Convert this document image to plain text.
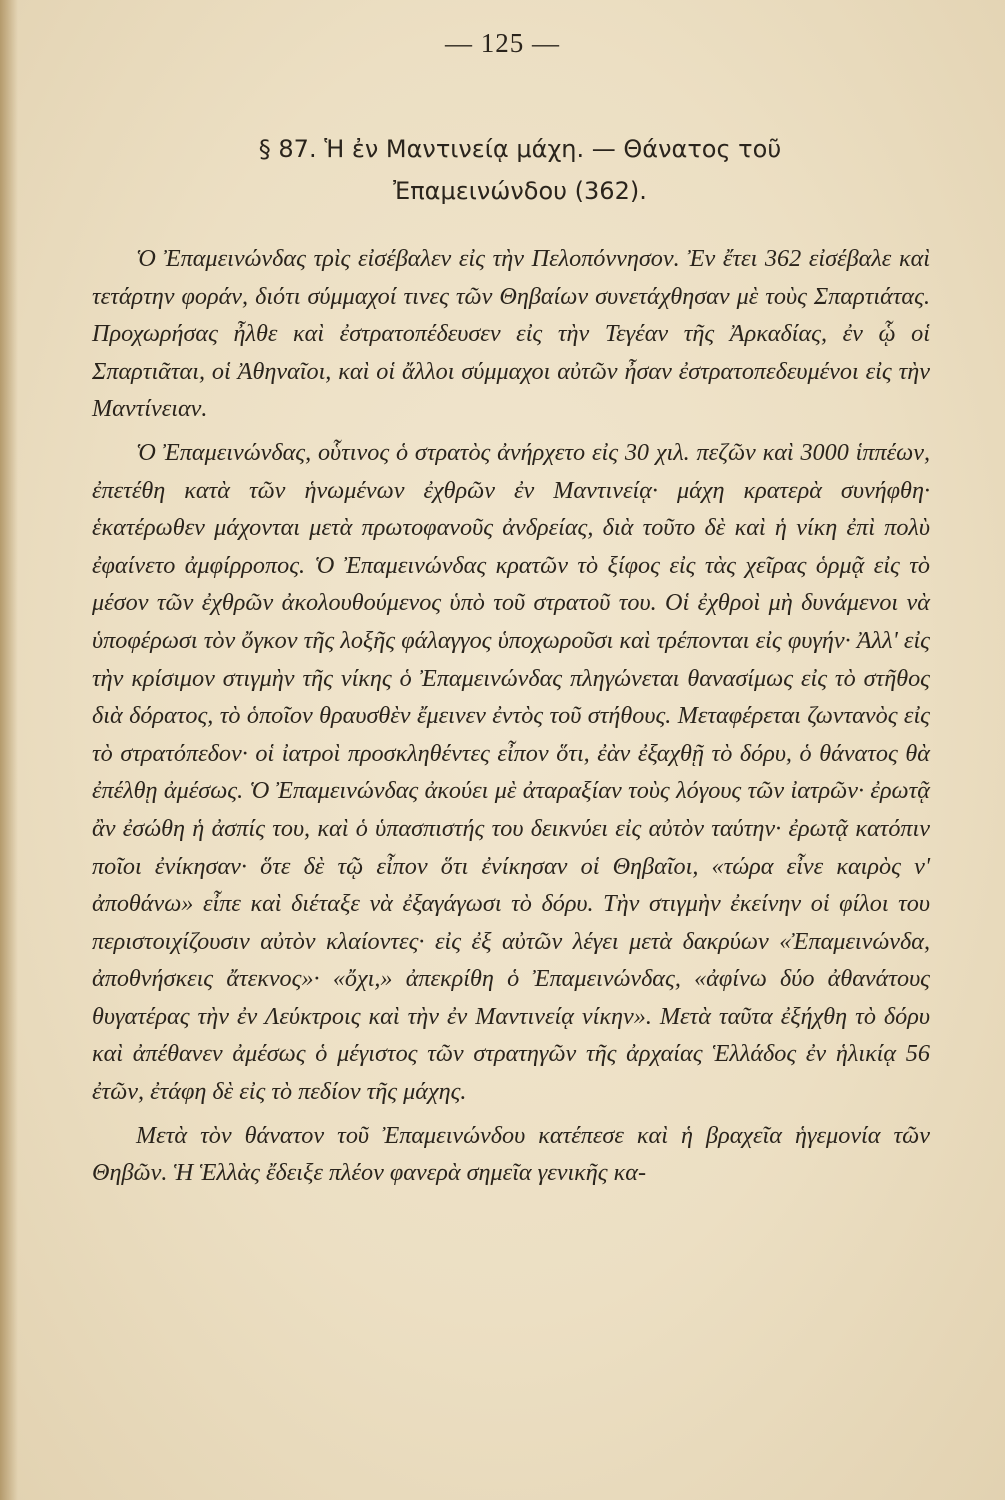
— 125 —
§ 87. Ἡ ἐν Μαντινείᾳ μάχη. — Θάνατος τοῦ
Ἐπαμεινώνδου (362).

Ὁ Ἐπαμεινώνδας τρὶς εἰσέβαλεν εἰς τὴν Πελοπόννησον. Ἐν ἔτει 362 εἰσέβαλε καὶ τετάρτην φοράν, διότι σύμμαχοί τινες τῶν Θηβαίων συνετάχθησαν μὲ τοὺς Σπαρτιάτας. Προχωρήσας ἦλθε καὶ ἐστρατοπέδευσεν εἰς τὴν Τεγέαν τῆς Ἀρκαδίας, ἐν ᾧ οἱ Σπαρτιᾶται, οἱ Ἀθηναῖοι, καὶ οἱ ἄλλοι σύμμαχοι αὐτῶν ἦσαν ἐστρατοπεδευμένοι εἰς τὴν Μαντίνειαν.

Ὁ Ἐπαμεινώνδας, οὗτινος ὁ στρατὸς ἀνήρχετο εἰς 30 χιλ. πεζῶν καὶ 3000 ἱππέων, ἐπετέθη κατὰ τῶν ἡνωμένων ἐχθρῶν ἐν Μαντινείᾳ· μάχη κρατερὰ συνήφθη· ἑκατέρωθεν μάχονται μετὰ πρωτοφανοῦς ἀνδρείας, διὰ τοῦτο δὲ καὶ ἡ νίκη ἐπὶ πολὺ ἐφαίνετο ἀμφίρροπος. Ὁ Ἐπαμεινώνδας κρατῶν τὸ ξίφος εἰς τὰς χεῖρας ὁρμᾷ εἰς τὸ μέσον τῶν ἐχθρῶν ἀκολουθούμενος ὑπὸ τοῦ στρατοῦ του. Οἱ ἐχθροὶ μὴ δυνάμενοι νὰ ὑποφέρωσι τὸν ὄγκον τῆς λοξῆς φάλαγγος ὑποχωροῦσι καὶ τρέπονται εἰς φυγήν· Ἀλλ' εἰς τὴν κρίσιμον στιγμὴν τῆς νίκης ὁ Ἐπαμεινώνδας πληγώνεται θανασίμως εἰς τὸ στῆθος διὰ δόρατος, τὸ ὁποῖον θραυσθὲν ἔμεινεν ἐντὸς τοῦ στήθους. Μεταφέρεται ζωντανὸς εἰς τὸ στρατόπεδον· οἱ ἰατροὶ προσκληθέντες εἶπον ὅτι, ἐὰν ἐξαχθῇ τὸ δόρυ, ὁ θάνατος θὰ ἐπέλθῃ ἀμέσως. Ὁ Ἐπαμεινώνδας ἀκούει μὲ ἀταραξίαν τοὺς λόγους τῶν ἰατρῶν· ἐρωτᾷ ἂν ἐσώθη ἡ ἀσπίς του, καὶ ὁ ὑπασπιστής του δεικνύει εἰς αὐτὸν ταύτην· ἐρωτᾷ κατόπιν ποῖοι ἐνίκησαν· ὅτε δὲ τῷ εἶπον ὅτι ἐνίκησαν οἱ Θηβαῖοι, «τώρα εἶνε καιρὸς ν' ἀποθάνω» εἶπε καὶ διέταξε νὰ ἐξαγάγωσι τὸ δόρυ. Τὴν στιγμὴν ἐκείνην οἱ φίλοι του περιστοιχίζουσιν αὐτὸν κλαίοντες· εἰς ἐξ αὐτῶν λέγει μετὰ δακρύων «Ἐπαμεινώνδα, ἀποθνήσκεις ἄτεκνος»· «ὄχι,» ἀπεκρίθη ὁ Ἐπαμεινώνδας, «ἀφίνω δύο ἀθανάτους θυγατέρας τὴν ἐν Λεύκτροις καὶ τὴν ἐν Μαντινείᾳ νίκην». Μετὰ ταῦτα ἐξήχθη τὸ δόρυ καὶ ἀπέθανεν ἀμέσως ὁ μέγιστος τῶν στρατηγῶν τῆς ἀρχαίας Ἑλλάδος ἐν ἡλικίᾳ 56 ἐτῶν, ἐτάφη δὲ εἰς τὸ πεδίον τῆς μάχης.

Μετὰ τὸν θάνατον τοῦ Ἐπαμεινώνδου κατέπεσε καὶ ἡ βραχεῖα ἡγεμονία τῶν Θηβῶν. Ἡ Ἑλλὰς ἔδειξε πλέον φανερὰ σημεῖα γενικῆς κα-
